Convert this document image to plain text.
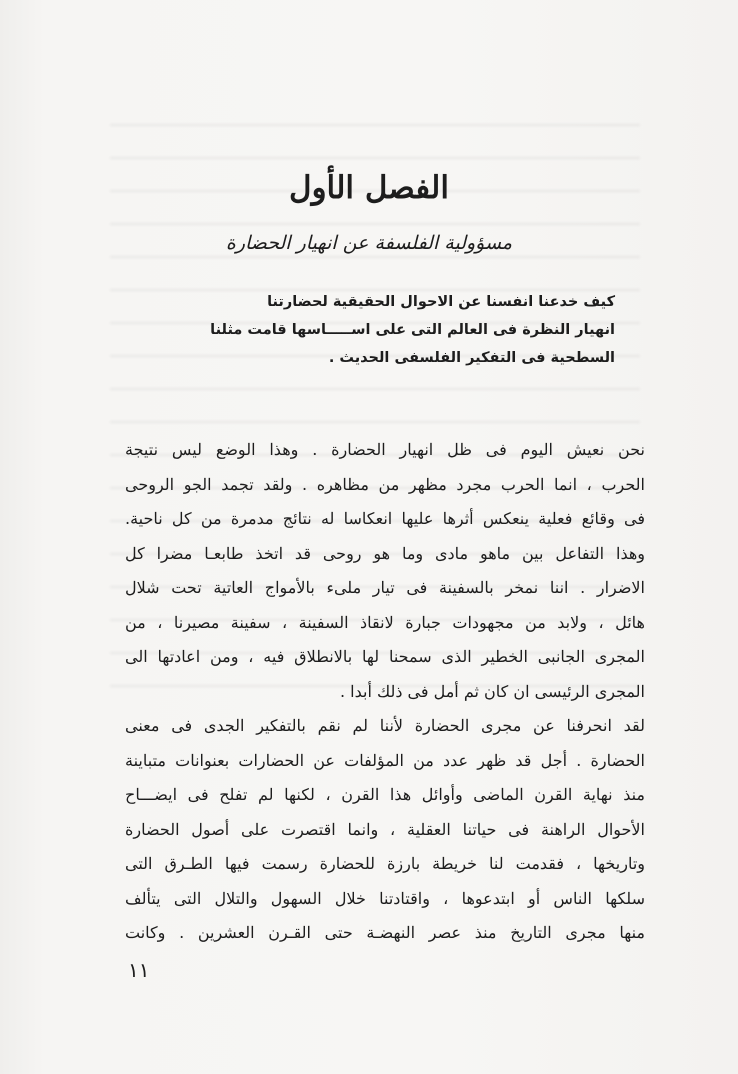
الفصل الأول
مسؤولية الفلسفة عن انهيار الحضارة
كيف خدعنا انفسنا عن الاحوال الحقيقية لحضارتنا
انهيار النظرة فى العالم التى على اســـــاسها قامت مثلنا
السطحية فى التفكير الفلسفى الحديث .
نحن نعيش اليوم فى ظل انهيار الحضارة . وهذا الوضع ليس نتيجة
الحرب ، انما الحرب مجرد مظهر من مظاهره . ولقد تجمد الجو الروحى
فى وقائع فعلية ينعكس أثرها عليها انعكاسا له نتائج مدمرة من كل ناحية.
وهذا التفاعل بين ماهو مادى وما هو روحى قد اتخذ طابعـا مضرا كل
الاضرار . اننا نمخر بالسفينة فى تيار ملىء بالأمواج العاتية تحت شلال
هائل ، ولابد من مجهودات جبارة لانقاذ السفينة ، سفينة مصيرنا ، من
المجرى الجانبى الخطير الذى سمحنا لها بالانطلاق فيه ، ومن اعادتها الى
المجرى الرئيسى ان كان ثم أمل فى ذلك أبدا .
لقد انحرفنا عن مجرى الحضارة لأننا لم نقم بالتفكير الجدى فى معنى
الحضارة . أجل قد ظهر عدد من المؤلفات عن الحضارات بعنوانات متباينة
منذ نهاية القرن الماضى وأوائل هذا القرن ، لكنها لم تفلح فى ايضـــاح
الأحوال الراهنة فى حياتنا العقلية ، وانما اقتصرت على أصول الحضارة
وتاريخها ، فقدمت لنا خريطة بارزة للحضارة رسمت فيها الطـرق التى
سلكها الناس أو ابتدعوها ، واقتادتنا خلال السهول والتلال التى يتألف
منها مجرى التاريخ منذ عصر النهضـة حتى القـرن العشرين . وكانت
١١
